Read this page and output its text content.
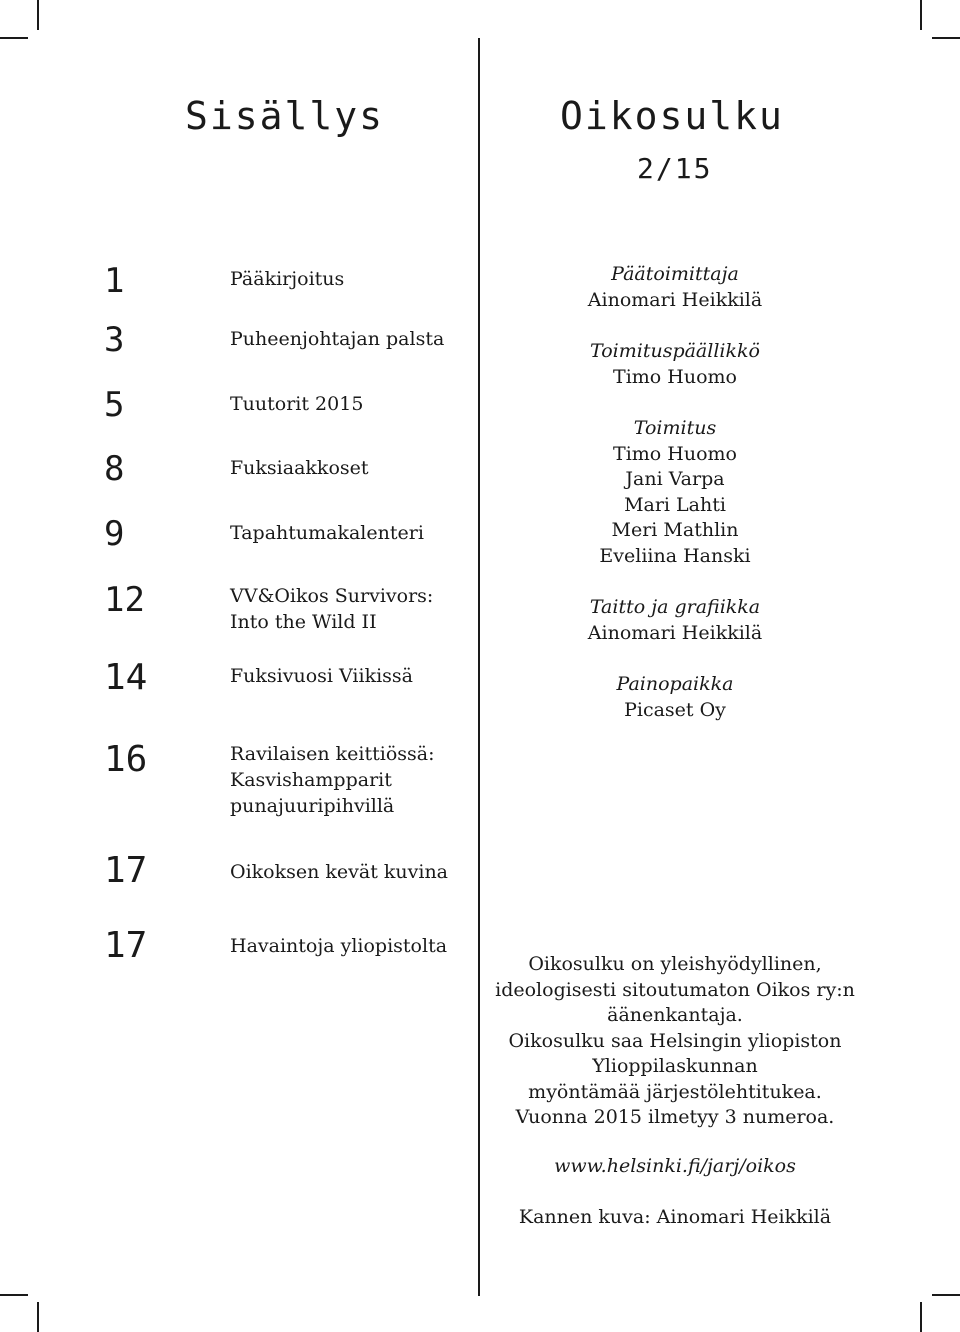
Sisällys	Oikosulku
2/15
1	Pääkirjoitus
3	Puheenjohtajan palsta
5	Tuutorit 2015
8	Fuksiaakkoset
9	Tapahtumakalenteri
12	VV&Oikos Survivors:
Into the Wild II
14	Fuksivuosi Viikissä
16	Ravilaisen keittiössä:
Kasvishampparit
punajuuripihvillä
17	Oikoksen kevät kuvina
17	Havaintoja yliopistolta
Päätoimittaja
Ainomari Heikkilä
Toimituspäällikkö
Timo Huomo
Toimitus
Timo Huomo
Jani Varpa
Mari Lahti
Meri Mathlin
Eveliina Hanski
Taitto ja grafiikka
Ainomari Heikkilä
Painopaikka
Picaset Oy
Oikosulku on yleishyödyllinen,
ideologisesti sitoutumaton Oikos ry:n
äänenkantaja.
Oikosulku saa Helsingin yliopiston
Ylioppilaskunnan
myöntämää järjestölehtitukea.
Vuonna 2015 ilmetyy 3 numeroa.
www.helsinki.fi/jarj/oikos
Kannen kuva: Ainomari Heikkilä
